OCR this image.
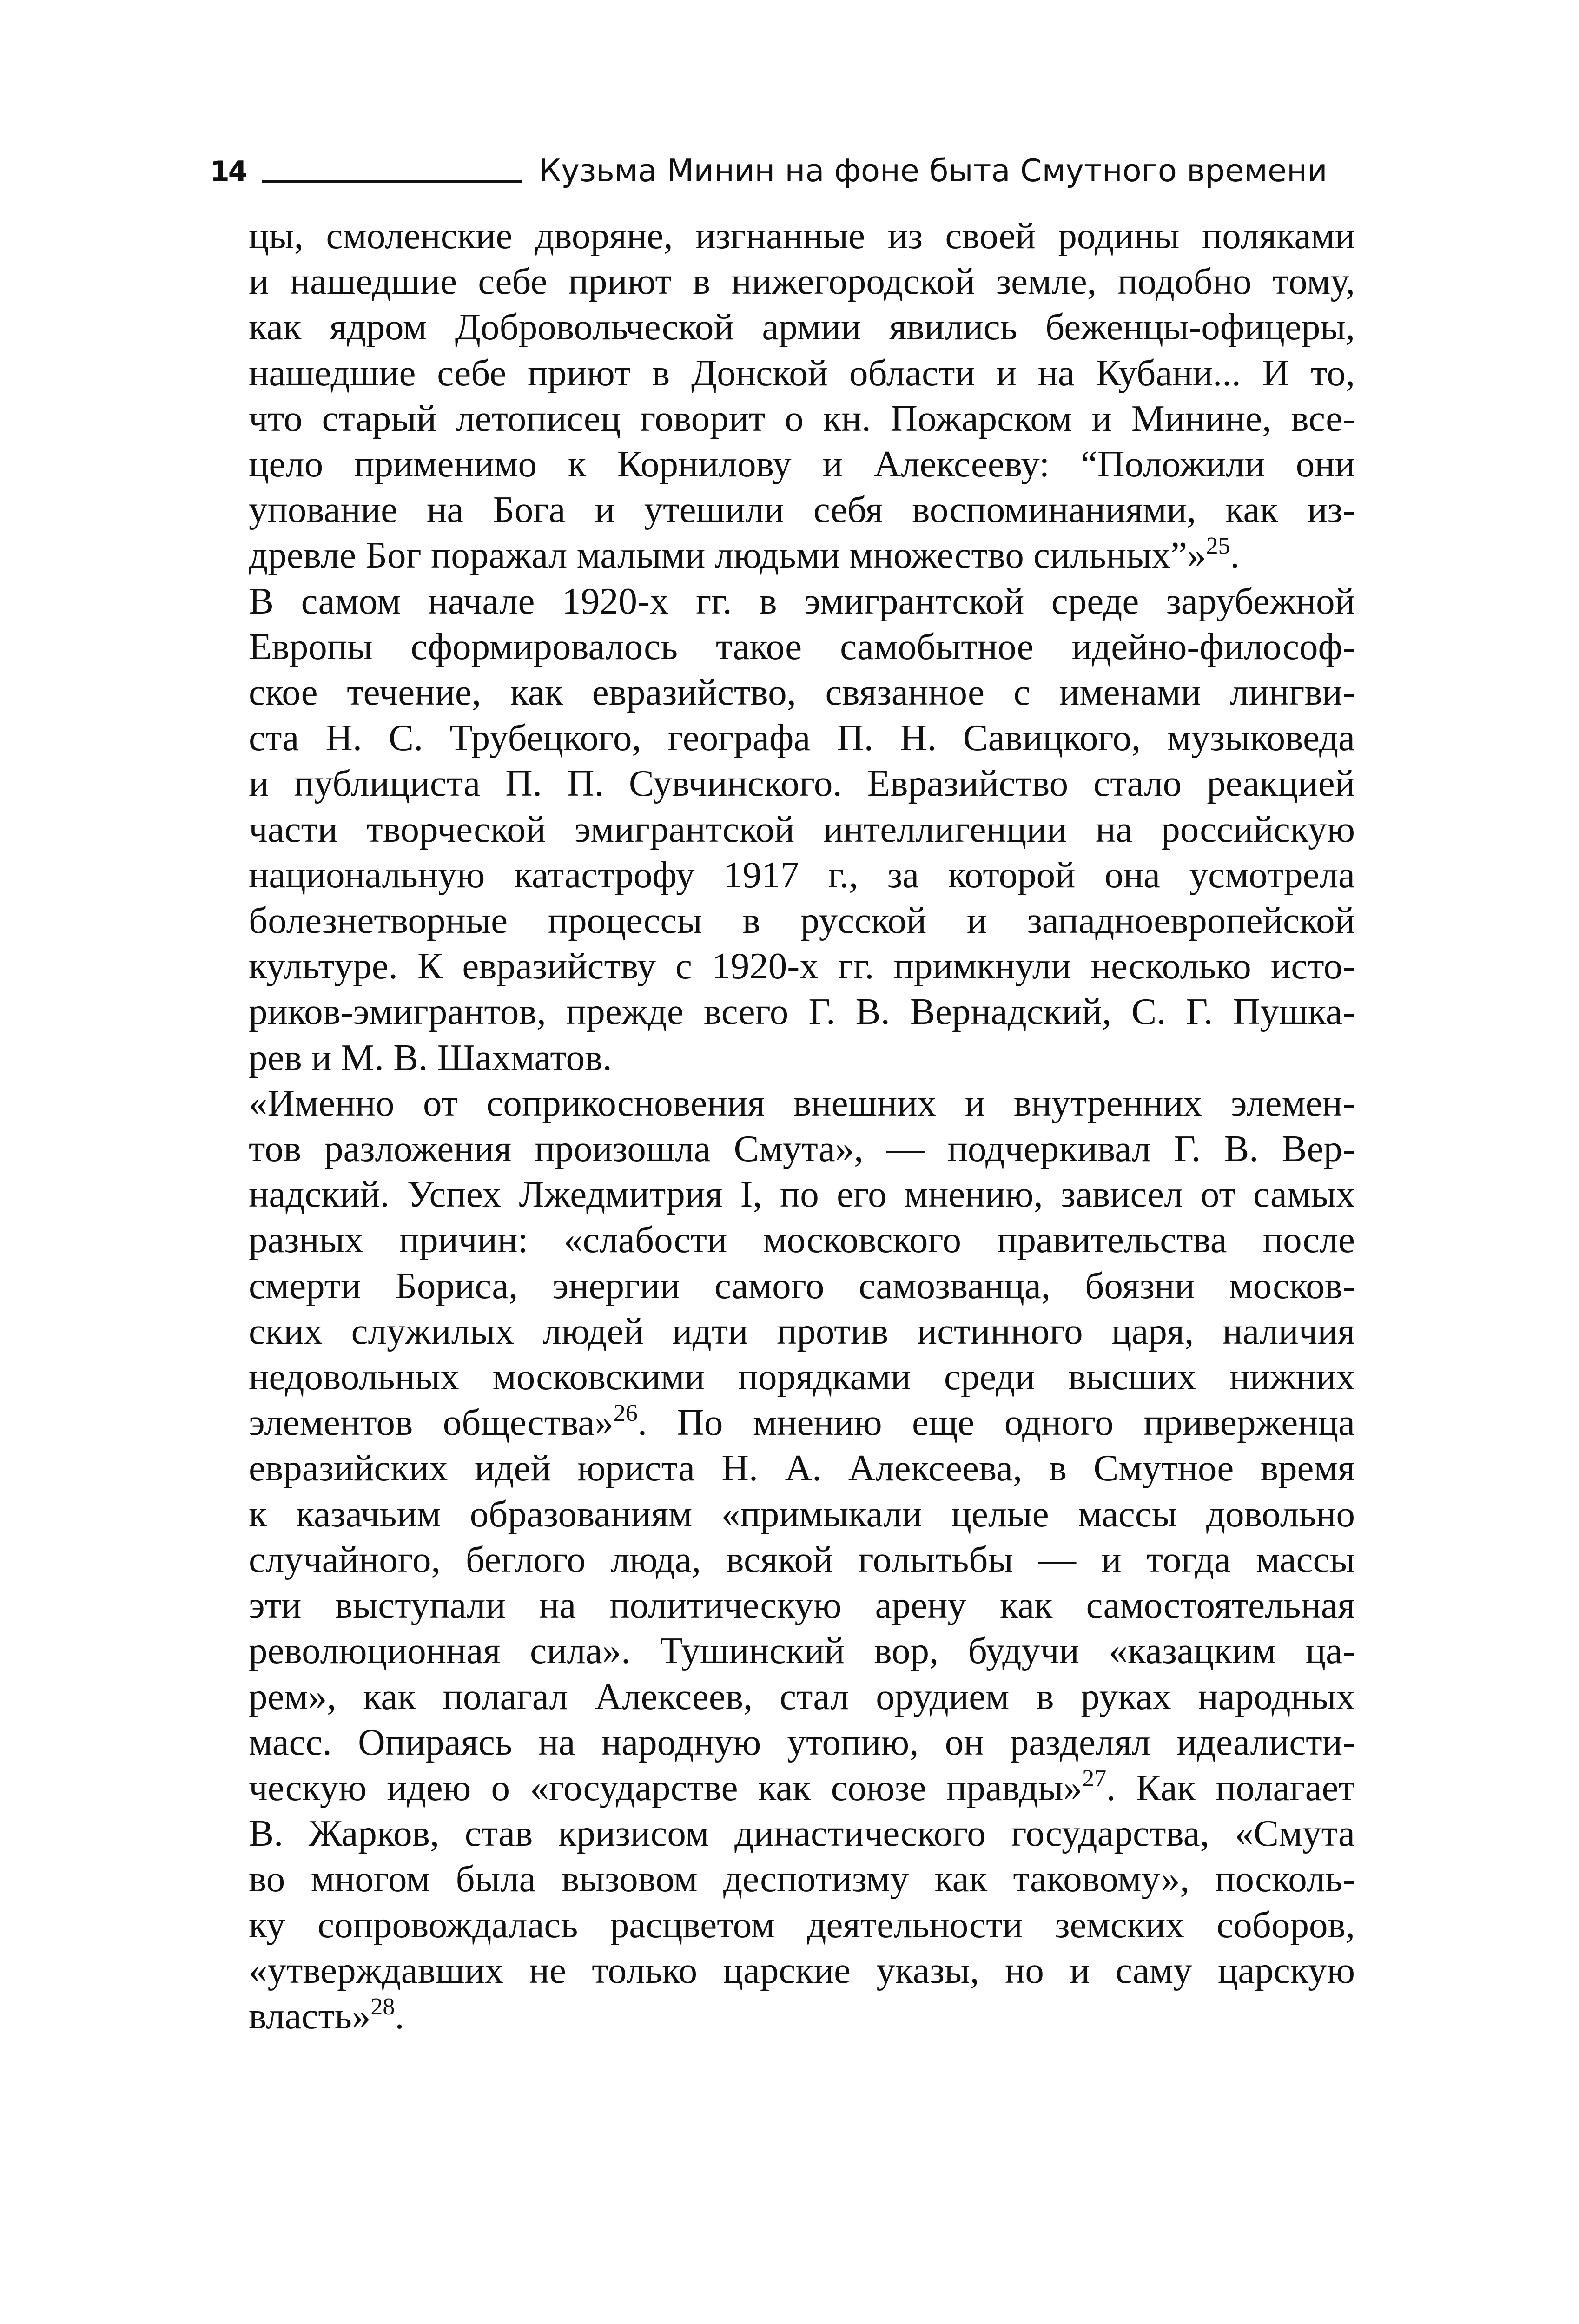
14	Кузьма Минин на фоне быта Смутного времени

цы, смоленские дворяне, изгнанные из своей родины поляками
и нашедшие себе приют в нижегородской земле, подобно тому,
как ядром Добровольческой армии явились беженцы-офицеры,
нашедшие себе приют в Донской области и на Кубани... И то,
что старый летописец говорит о кн. Пожарском и Минине, все-
цело применимо к Корнилову и Алексееву: “Положили они
упование на Бога и утешили себя воспоминаниями, как из-
древле Бог поражал малыми людьми множество сильных”»$^{25}$.

В самом начале 1920-х гг. в эмигрантской среде зарубежной
Европы сформировалось такое самобытное идейно-философ-
ское течение, как евразийство, связанное с именами лингви-
ста Н. С. Трубецкого, географа П. Н. Савицкого, музыковеда
и публициста П. П. Сувчинского. Евразийство стало реакцией
части творческой эмигрантской интеллигенции на российскую
национальную катастрофу 1917 г., за которой она усмотрела
болезнетворные процессы в русской и западноевропейской
культуре. К евразийству с 1920-х гг. примкнули несколько исто-
риков-эмигрантов, прежде всего Г. В. Вернадский, С. Г. Пушка-
рев и М. В. Шахматов.

«Именно от соприкосновения внешних и внутренних элемен-
тов разложения произошла Смута», — подчеркивал Г. В. Вер-
надский. Успех Лжедмитрия I, по его мнению, зависел от самых
разных причин: «слабости московского правительства после
смерти Бориса, энергии самого самозванца, боязни москов-
ских служилых людей идти против истинного царя, наличия
недовольных московскими порядками среди высших нижних
элементов общества»$^{26}$. По мнению еще одного приверженца
евразийских идей юриста Н. А. Алексеева, в Смутное время
к казачьим образованиям «примыкали целые массы довольно
случайного, беглого люда, всякой голытьбы — и тогда массы
эти выступали на политическую арену как самостоятельная
революционная сила». Тушинский вор, будучи «казацким ца-
рем», как полагал Алексеев, стал орудием в руках народных
масс. Опираясь на народную утопию, он разделял идеалисти-
ческую идею о «государстве как союзе правды»$^{27}$. Как полагает
В. Жарков, став кризисом династического государства, «Смута
во многом была вызовом деспотизму как таковому», посколь-
ку сопровождалась расцветом деятельности земских соборов,
«утверждавших не только царские указы, но и саму царскую
власть»$^{28}$.
